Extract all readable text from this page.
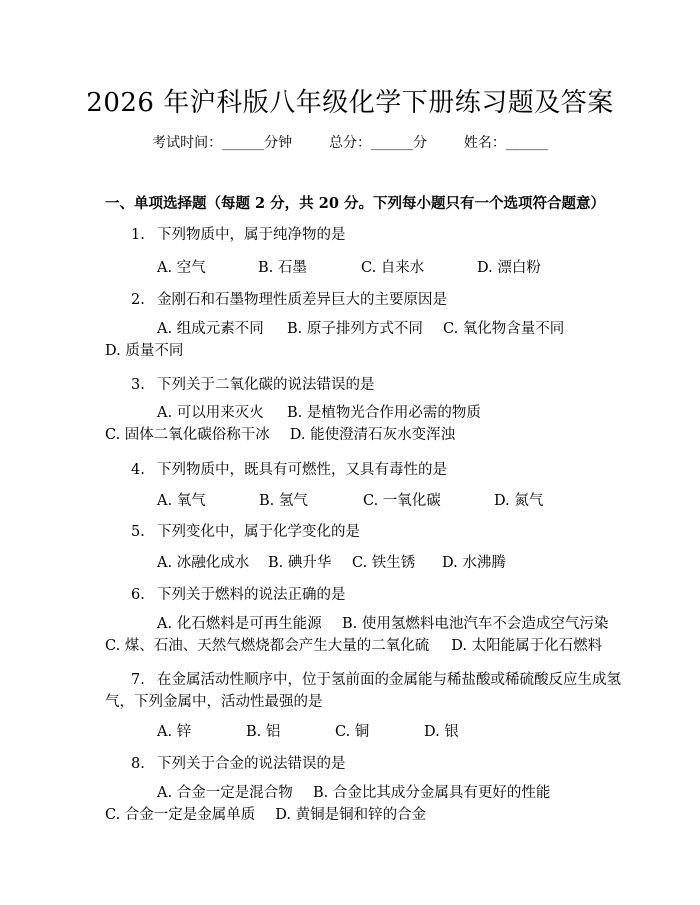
2026 年沪科版八年级化学下册练习题及答案
考试时间：______分钟	总分：______分	姓名：______
一、单项选择题（每题 2 分，共 20 分。下列每小题只有一个选项符合题意）
1. 下列物质中，属于纯净物的是
A. 空气	B. 石墨	C. 自来水	D. 漂白粉
2. 金刚石和石墨物理性质差异巨大的主要原因是
A. 组成元素不同 B. 原子排列方式不同 C. 氧化物含量不同D. 质量不同
3. 下列关于二氧化碳的说法错误的是
A. 可以用来灭火 B. 是植物光合作用必需的物质C. 固体二氧化碳俗称干冰 D. 能使澄清石灰水变浑浊
4. 下列物质中，既具有可燃性，又具有毒性的是
A. 氧气	B. 氢气	C. 一氧化碳	D. 氮气
5. 下列变化中，属于化学变化的是
A. 冰融化成水 B. 碘升华 C. 铁生锈 D. 水沸腾
6. 下列关于燃料的说法正确的是
A. 化石燃料是可再生能源 B. 使用氢燃料电池汽车不会造成空气污染 C. 煤、石油、天然气燃烧都会产生大量的二氧化硫 D. 太阳能属于化石燃料
7. 在金属活动性顺序中，位于氢前面的金属能与稀盐酸或稀硫酸反应生成氢
气，下列金属中，活动性最强的是
A. 锌	B. 铝	C. 铜	D. 银
8. 下列关于合金的说法错误的是
A. 合金一定是混合物 B. 合金比其成分金属具有更好的性能C. 合金一定是金属单质 D. 黄铜是铜和锌的合金
